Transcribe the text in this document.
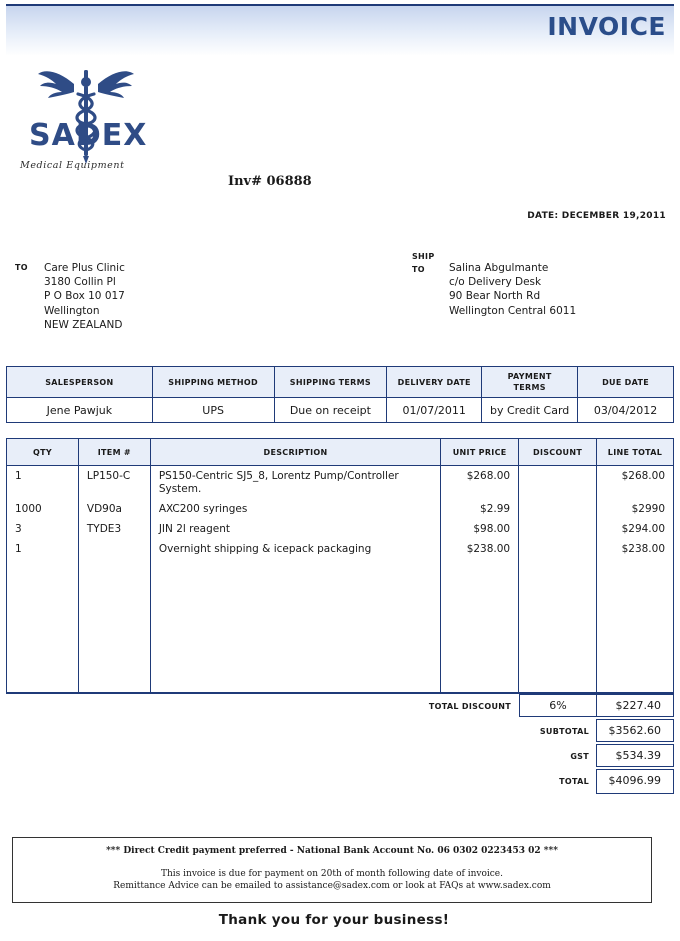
INVOICE
SADEX
Medical Equipment
Inv# 06888
DATE: DECEMBER 19,2011
TO Care Plus Clinic
3180 Collin Pl
P O Box 10 017
Wellington
NEW ZEALAND
SHIP
TO	Salina Abgulmante
c/o Delivery Desk
90 Bear North Rd
Wellington Central 6011
SALESPERSON	SHIPPING METHOD	SHIPPING TERMS	DELIVERY DATE	PAYMENT TERMS	DUE DATE
Jene Pawjuk	UPS	Due on receipt	01/07/2011	by Credit Card	03/04/2012
QTY	ITEM #	DESCRIPTION	UNIT PRICE	DISCOUNT	LINE TOTAL
1	LP150-C	PS150-Centric SJ5_8, Lorentz Pump/Controller System.	$268.00		$268.00
1000	VD90a	AXC200 syringes	$2.99		$2990
3	TYDE3	JIN 2l reagent	$98.00		$294.00
1		Overnight shipping & icepack packaging	$238.00		$238.00

TOTAL DISCOUNT	6%	$227.40
SUBTOTAL	$3562.60
GST	$534.39
TOTAL	$4096.99
*** Direct Credit payment preferred - National Bank Account No. 06 0302 0223453 02 ***
This invoice is due for payment on 20th of month following date of invoice.
Remittance Advice can be emailed to assistance@sadex.com or look at FAQs at www.sadex.com
Thank you for your business!
